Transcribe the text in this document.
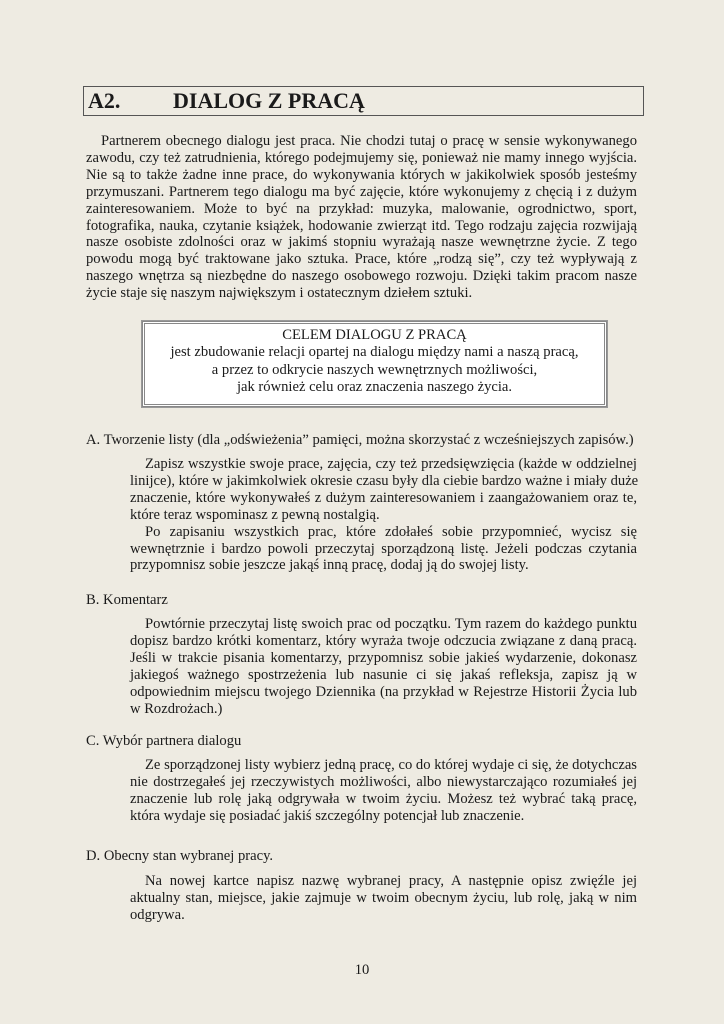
A2. DIALOG Z PRACĄ
Partnerem obecnego dialogu jest praca. Nie chodzi tutaj o pracę w sensie wykonywanego
zawodu, czy też zatrudnienia, którego podejmujemy się, ponieważ nie mamy innego wyjścia.
Nie są to także żadne inne prace, do wykonywania których w jakikolwiek sposób jesteśmy
przymuszani. Partnerem tego dialogu ma być zajęcie, które wykonujemy z chęcią i z dużym
zainteresowaniem. Może to być na przykład: muzyka, malowanie, ogrodnictwo, sport,
fotografika, nauka, czytanie książek, hodowanie zwierząt itd. Tego rodzaju zajęcia rozwijają
nasze osobiste zdolności oraz w jakimś stopniu wyrażają nasze wewnętrzne życie. Z tego
powodu mogą być traktowane jako sztuka. Prace, które „rodzą się”, czy też wypływają z
naszego wnętrza są niezbędne do naszego osobowego rozwoju. Dzięki takim pracom nasze
życie staje się naszym największym i ostatecznym dziełem sztuki.
CELEM DIALOGU Z PRACĄ
jest zbudowanie relacji opartej na dialogu między nami a naszą pracą,
a przez to odkrycie naszych wewnętrznych możliwości,
jak również celu oraz znaczenia naszego życia.
A. Tworzenie listy (dla „odświeżenia” pamięci, można skorzystać z wcześniejszych zapisów.)
Zapisz wszystkie swoje prace, zajęcia, czy też przedsięwzięcia (każde w oddzielnej
linijce), które w jakimkolwiek okresie czasu były dla ciebie bardzo ważne i miały duże
znaczenie, które wykonywałeś z dużym zainteresowaniem i zaangażowaniem oraz te,
które teraz wspominasz z pewną nostalgią.
Po zapisaniu wszystkich prac, które zdołałeś sobie przypomnieć, wycisz się
wewnętrznie i bardzo powoli przeczytaj sporządzoną listę. Jeżeli podczas czytania
przypomnisz sobie jeszcze jakąś inną pracę, dodaj ją do swojej listy.
B. Komentarz
Powtórnie przeczytaj listę swoich prac od początku. Tym razem do każdego punktu
dopisz bardzo krótki komentarz, który wyraża twoje odczucia związane z daną pracą.
Jeśli w trakcie pisania komentarzy, przypomnisz sobie jakieś wydarzenie, dokonasz
jakiegoś ważnego spostrzeżenia lub nasunie ci się jakaś refleksja, zapisz ją w
odpowiednim miejscu twojego Dziennika (na przykład w Rejestrze Historii Życia lub
w Rozdrożach.)
C. Wybór partnera dialogu
Ze sporządzonej listy wybierz jedną pracę, co do której wydaje ci się, że dotychczas
nie dostrzegałeś jej rzeczywistych możliwości, albo niewystarczająco rozumiałeś jej
znaczenie lub rolę jaką odgrywała w twoim życiu. Możesz też wybrać taką pracę,
która wydaje się posiadać jakiś szczególny potencjał lub znaczenie.
D. Obecny stan wybranej pracy.
Na nowej kartce napisz nazwę wybranej pracy, A następnie opisz zwięźle jej
aktualny stan, miejsce, jakie zajmuje w twoim obecnym życiu, lub rolę, jaką w nim
odgrywa.
10
